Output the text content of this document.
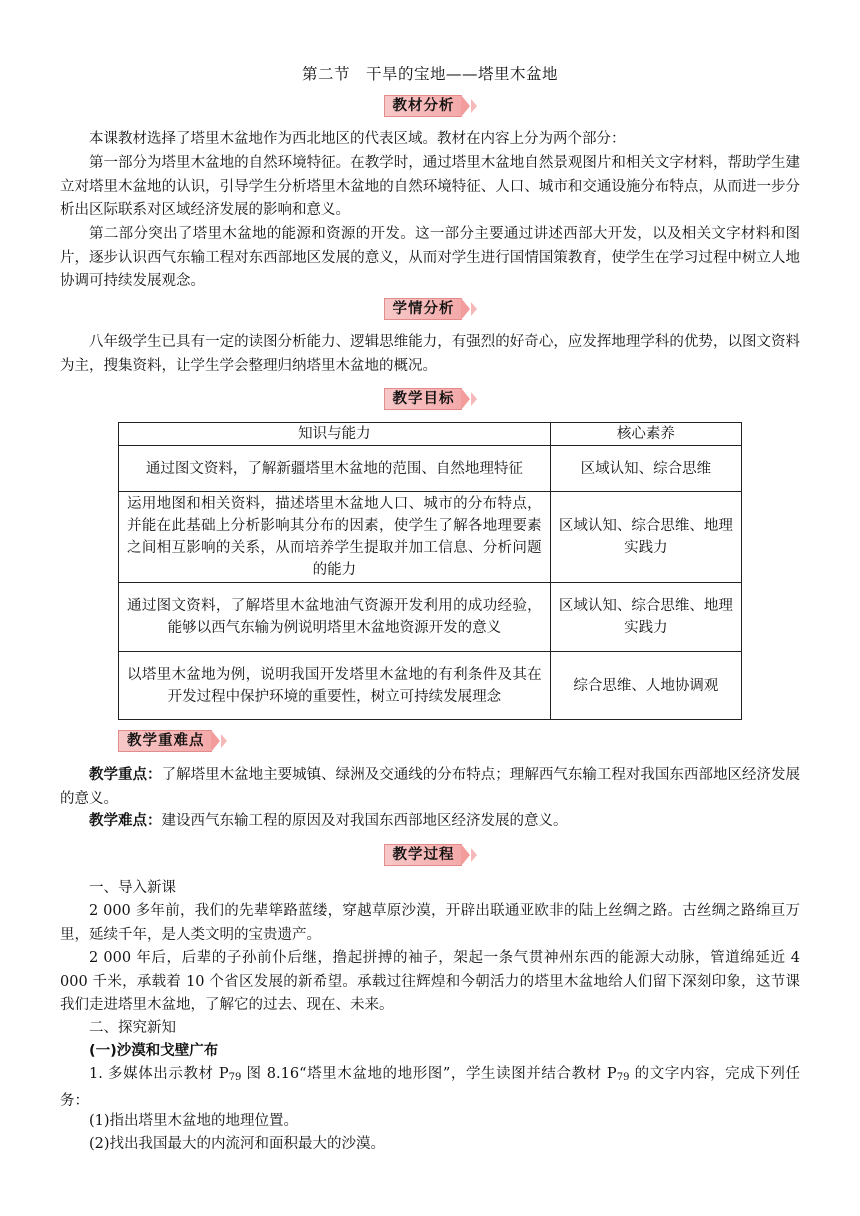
第二节　干旱的宝地——塔里木盆地
教材分析
本课教材选择了塔里木盆地作为西北地区的代表区域。教材在内容上分为两个部分：
第一部分为塔里木盆地的自然环境特征。在教学时，通过塔里木盆地自然景观图片和相关文字材料，帮助学生建立对塔里木盆地的认识，引导学生分析塔里木盆地的自然环境特征、人口、城市和交通设施分布特点，从而进一步分析出区际联系对区域经济发展的影响和意义。
第二部分突出了塔里木盆地的能源和资源的开发。这一部分主要通过讲述西部大开发，以及相关文字材料和图片，逐步认识西气东输工程对东西部地区发展的意义，从而对学生进行国情国策教育，使学生在学习过程中树立人地协调可持续发展观念。
学情分析
八年级学生已具有一定的读图分析能力、逻辑思维能力，有强烈的好奇心，应发挥地理学科的优势，以图文资料为主，搜集资料，让学生学会整理归纳塔里木盆地的概况。
教学目标
知识与能力	核心素养
通过图文资料，了解新疆塔里木盆地的范围、自然地理特征	区域认知、综合思维
运用地图和相关资料，描述塔里木盆地人口、城市的分布特点，并能在此基础上分析影响其分布的因素，使学生了解各地理要素之间相互影响的关系，从而培养学生提取并加工信息、分析问题的能力	区域认知、综合思维、地理实践力
通过图文资料，了解塔里木盆地油气资源开发利用的成功经验，能够以西气东输为例说明塔里木盆地资源开发的意义	区域认知、综合思维、地理实践力
以塔里木盆地为例，说明我国开发塔里木盆地的有利条件及其在开发过程中保护环境的重要性，树立可持续发展理念	综合思维、人地协调观
教学重难点
教学重点：了解塔里木盆地主要城镇、绿洲及交通线的分布特点；理解西气东输工程对我国东西部地区经济发展的意义。
教学难点：建设西气东输工程的原因及对我国东西部地区经济发展的意义。
教学过程
一、导入新课
2 000 多年前，我们的先辈筚路蓝缕，穿越草原沙漠，开辟出联通亚欧非的陆上丝绸之路。古丝绸之路绵亘万里，延续千年，是人类文明的宝贵遗产。
2 000 年后，后辈的子孙前仆后继，撸起拼搏的袖子，架起一条气贯神州东西的能源大动脉，管道绵延近 4 000 千米，承载着 10 个省区发展的新希望。承载过往辉煌和今朝活力的塔里木盆地给人们留下深刻印象，这节课我们走进塔里木盆地，了解它的过去、现在、未来。
二、探究新知
(一)沙漠和戈壁广布
1. 多媒体出示教材 $P_{79}$ 图 8.16“塔里木盆地的地形图”，学生读图并结合教材 $P_{79}$ 的文字内容，完成下列任务：
(1)指出塔里木盆地的地理位置。
(2)找出我国最大的内流河和面积最大的沙漠。
